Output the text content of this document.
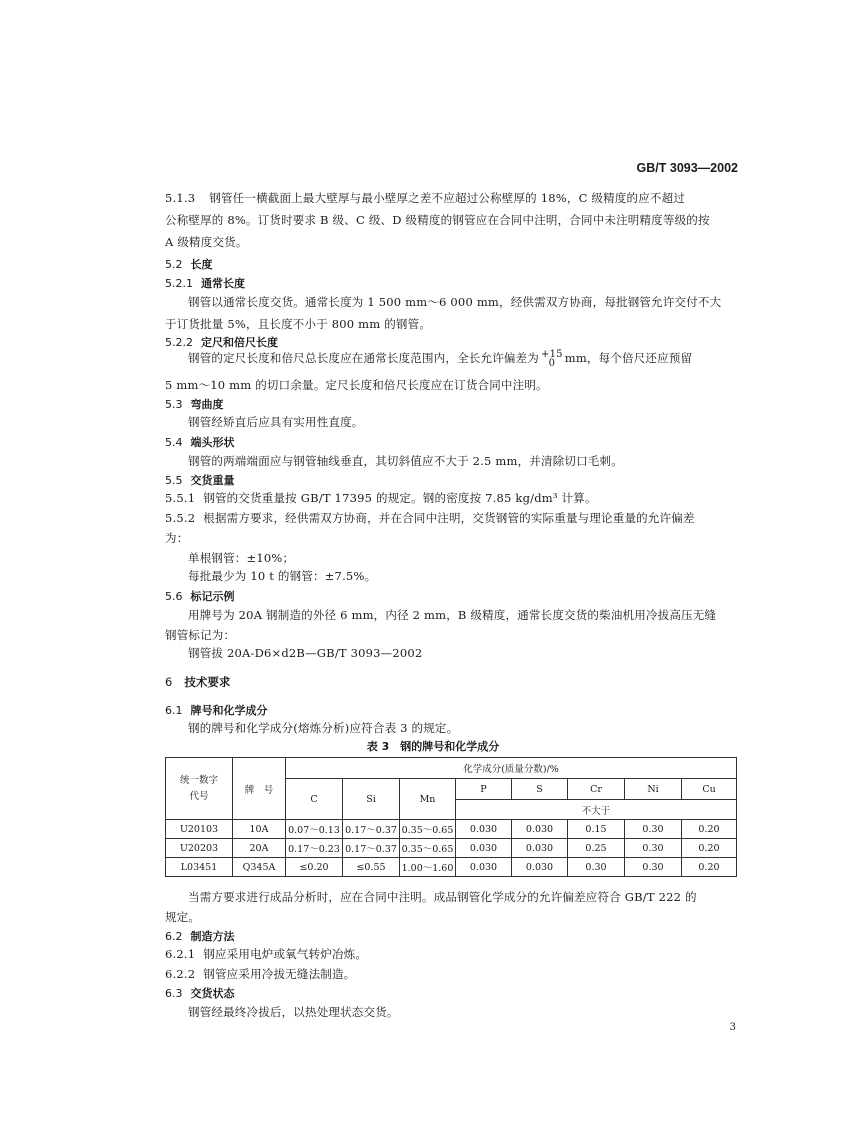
GB/T 3093—2002
5.1.3 钢管任一横截面上最大壁厚与最小壁厚之差不应超过公称壁厚的 18%，C 级精度的应不超过
公称壁厚的 8%。订货时要求 B 级、C 级、D 级精度的钢管应在合同中注明，合同中未注明精度等级的按
A 级精度交货。
5.2 长度
5.2.1 通常长度
钢管以通常长度交货。通常长度为 1 500 mm～6 000 mm，经供需双方协商，每批钢管允许交付不大
于订货批量 5%，且长度不小于 800 mm 的钢管。
5.2.2 定尺和倍尺长度
钢管的定尺长度和倍尺总长度应在通常长度范围内，全长允许偏差为 +15
0 mm，每个倍尺还应预留
5 mm～10 mm 的切口余量。定尺长度和倍尺长度应在订货合同中注明。
5.3 弯曲度
钢管经矫直后应具有实用性直度。
5.4 端头形状
钢管的两端端面应与钢管轴线垂直，其切斜值应不大于 2.5 mm，并清除切口毛刺。
5.5 交货重量
5.5.1 钢管的交货重量按 GB/T 17395 的规定。钢的密度按 7.85 kg/dm³ 计算。
5.5.2 根据需方要求，经供需双方协商，并在合同中注明，交货钢管的实际重量与理论重量的允许偏差
为：
单根钢管：±10%；
每批最少为 10 t 的钢管：±7.5%。
5.6 标记示例
用牌号为 20A 钢制造的外径 6 mm，内径 2 mm，B 级精度，通常长度交货的柴油机用冷拔高压无缝
钢管标记为：
钢管拔 20A-D6×d2B—GB/T 3093—2002
6 技术要求
6.1 牌号和化学成分
钢的牌号和化学成分(熔炼分析)应符合表 3 的规定。
表 3　钢的牌号和化学成分
统一数字代号	牌　号	化学成分(质量分数)/%							
		C	Si	Mn	P	S	Cr	Ni	Cu
					不大于				
U20103	10A	0.07～0.13	0.17～0.37	0.35～0.65	0.030	0.030	0.15	0.30	0.20
U20203	20A	0.17～0.23	0.17～0.37	0.35～0.65	0.030	0.030	0.25	0.30	0.20
L03451	Q345A	≤0.20	≤0.55	1.00～1.60	0.030	0.030	0.30	0.30	0.20
当需方要求进行成品分析时，应在合同中注明。成品钢管化学成分的允许偏差应符合 GB/T 222 的
规定。
6.2 制造方法
6.2.1 钢应采用电炉或氧气转炉冶炼。
6.2.2 钢管应采用冷拔无缝法制造。
6.3 交货状态
钢管经最终冷拔后，以热处理状态交货。
3
